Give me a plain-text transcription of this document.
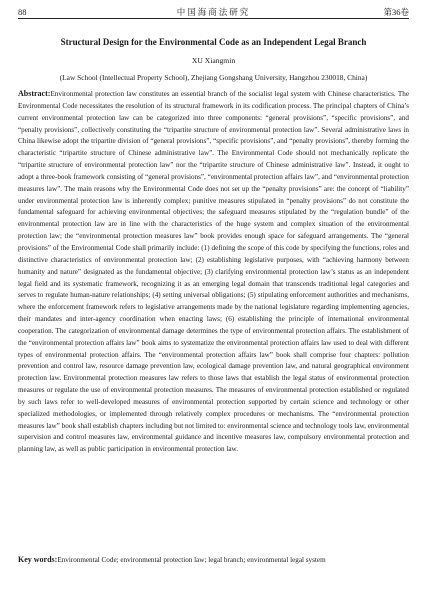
88	中国海商法研究	第36卷
Structural Design for the Environmental Code as an Independent Legal Branch
XU Xiangmin
(Law School (Intellectual Property School), Zhejiang Gongshang University, Hangzhou 230018, China)

Abstract:Environmental protection law constitutes an essential branch of the socialist legal system with Chinese characteristics. The Environmental Code necessitates the resolution of its structural framework in its codification process. The principal chapters of China’s current environmental protection law can be categorized into three components: “general provisions”, “specific provisions”, and “penalty provisions”, collectively constituting the “tripartite structure of environmental protection law”. Several administrative laws in China likewise adopt the tripartite division of “general provisions”, “specific provisions”, and “penalty provisions”, thereby forming the characteristic “tripartite structure of Chinese administrative law”. The Environmental Code should not mechanically replicate the “tripartite structure of environmental protection law” nor the “tripartite structure of Chinese administrative law”. Instead, it ought to adopt a three-book framework consisting of “general provisions”, “environmental protection affairs law”, and “environmental protection measures law”. The main reasons why the Environmental Code does not set up the “penalty provisions” are: the concept of “liability” under environmental protection law is inherently complex; punitive measures stipulated in “penalty provisions” do not constitute the fundamental safeguard for achieving environmental objectives; the safeguard measures stipulated by the “regulation bundle” of the environmental protection law are in line with the characteristics of the huge system and complex situation of the environmental protection law; the “environmental protection measures law” book provides enough space for safeguard arrangements. The “general provisions” of the Environmental Code shall primarily include: (1) defining the scope of this code by specifying the functions, roles and distinctive characteristics of environmental protection law; (2) establishing legislative purposes, with “achieving harmony between humanity and nature” designated as the fundamental objective; (3) clarifying environmental protection law’s status as an independent legal field and its systematic framework, recognizing it as an emerging legal domain that transcends traditional legal categories and serves to regulate human-nature relationships; (4) setting universal obligations; (5) stipulating enforcement authorities and mechanisms, where the enforcement framework refers to legislative arrangements made by the national legislature regarding implementing agencies, their mandates and inter-agency coordination when enacting laws; (6) establishing the principle of international environmental cooperation. The categorization of environmental damage determines the type of environmental protection affairs. The establishment of the “environmental protection affairs law” book aims to systematize the environmental protection affairs law used to deal with different types of environmental protection affairs. The “environmental protection affairs law” book shall comprise four chapters: pollution prevention and control law, resource damage prevention law, ecological damage prevention law, and natural geographical environment protection law. Environmental protection measures law refers to those laws that establish the legal status of environmental protection measures or regulate the use of environmental protection measures. The measures of environmental protection established or regulated by such laws refer to well-developed measures of environmental protection supported by certain science and technology or other specialized methodologies, or implemented through relatively complex procedures or mechanisms. The “environmental protection measures law” book shall establish chapters including but not limited to: environmental science and technology tools law, environmental supervision and control measures law, environmental guidance and incentive measures law, compulsory environmental protection and planning law, as well as public participation in environmental protection law.

Key words:Environmental Code; environmental protection law; legal branch; environmental legal system
